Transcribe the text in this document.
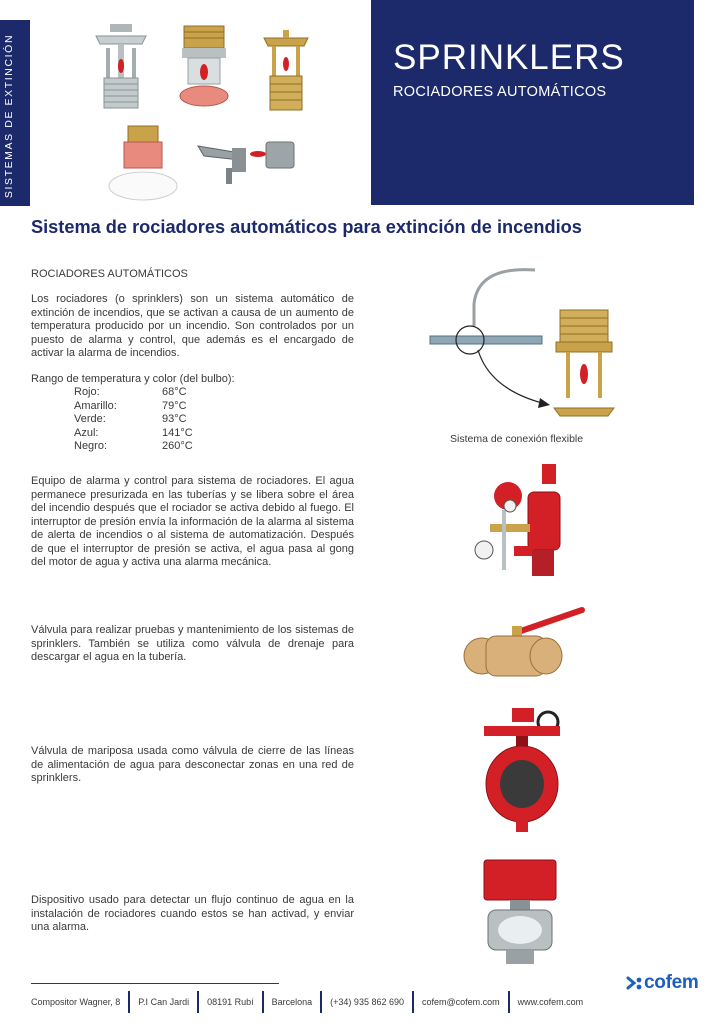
SISTEMAS DE EXTINCIÓN	SPRINKLERS
ROCIADORES AUTOMÁTICOS
Sistema de rociadores automáticos para extinción de incendios
ROCIADORES AUTOMÁTICOS
Los rociadores (o sprinklers) son un sistema automático de extinción de incendios, que se activan a causa de un aumento de temperatura producido por un incendio. Son controlados por un puesto de alarma y control, que además es el encargado de activar la alarma de incendios.
Rango de temperatura y color (del bulbo):
Rojo:	68°C
Amarillo:	79°C
Verde:	93°C
Azul:	141°C
Negro:	260°C
Sistema de conexión flexible
Equipo de alarma y control para sistema de rociadores. El agua permanece presurizada en las tuberías y se libera sobre el área del incendio después que el rociador se activa debido al fuego. El interruptor de presión envía la información de la alarma al sistema de alerta de incendios o al sistema de automatización. Después de que el interruptor de presión se activa, el agua pasa al gong del motor de agua y activa una alarma mecánica.
Válvula para realizar pruebas y mantenimiento de los sistemas de sprinklers. También se utiliza como válvula de drenaje para descargar el agua en la tubería.
Válvula de mariposa usada como válvula de cierre de las líneas de alimentación de agua para desconectar zonas en una red de sprinklers.
Dispositivo usado para detectar un flujo continuo de agua en la instalación de rociadores cuando estos se han activad, y enviar una alarma.
Compositor Wagner, 8	P.I Can Jardi	08191 Rubí	Barcelona	(+34) 935 862 690	cofem@cofem.com	www.cofem.com
cofem
